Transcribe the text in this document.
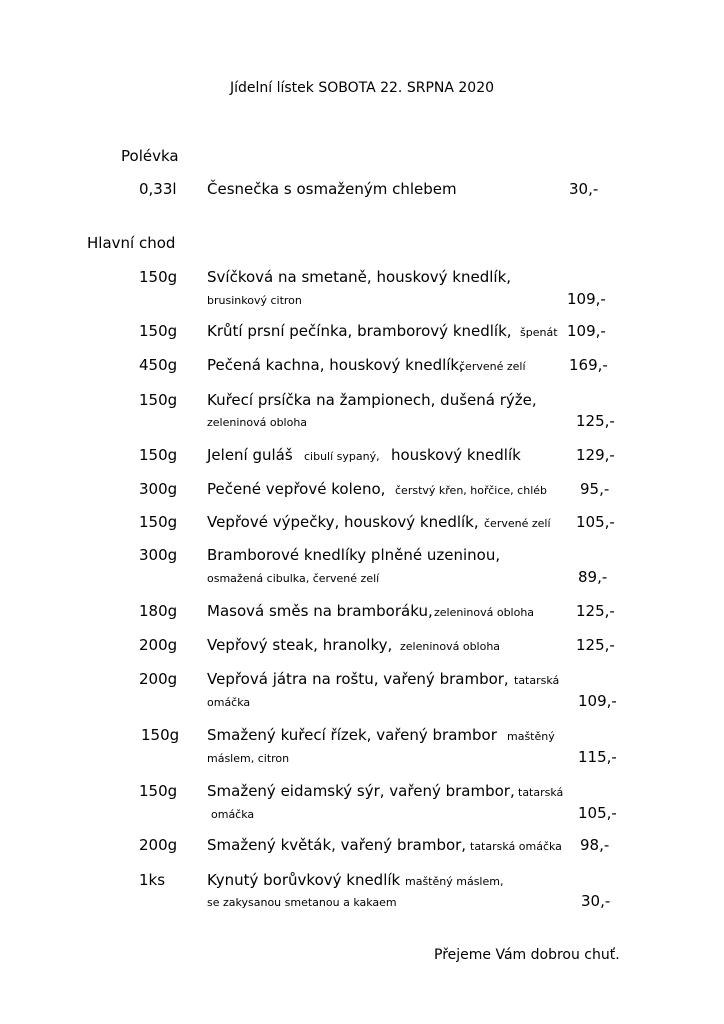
Jídelní lístek SOBOTA 22. SRPNA 2020
Polévka
0,33l Česnečka s osmaženým chlebem	30,-
Hlavní chod
150g Svíčková na smetaně, houskový knedlík,
brusinkový citron	109,-
150g Krůtí prsní pečínka, bramborový knedlík, špenát 109,-
450g Pečená kachna, houskový knedlík,
červené zelí	169,-
150g Kuřecí prsíčka na žampionech, dušená rýže,
zeleninová obloha	125,-
150g Jelení guláš cibulí sypaný, houskový knedlík	129,-
300g Pečené vepřové koleno, čerstvý křen, hořčice, chléb 95,-
150g Vepřové výpečky, houskový knedlík, červené zelí 105,-
300g Bramborové knedlíky plněné uzeninou,
osmažená cibulka, červené zelí	89,-
180g Masová směs na bramboráku, zeleninová obloha	125,-
200g Vepřový steak, hranolky, zeleninová obloha	125,-
200g Vepřová játra na roštu, vařený brambor, tatarská
omáčka	109,-
150g Smažený kuřecí řízek, vařený brambor maštěný
máslem, citron	115,-
150g Smažený eidamský sýr, vařený brambor, tatarská
omáčka	105,-
200g Smažený květák, vařený brambor, tatarská omáčka 98,-
1ks	Kynutý borůvkový knedlík maštěný máslem,
se zakysanou smetanou a kakaem	30,-
Přejeme Vám dobrou chuť.
